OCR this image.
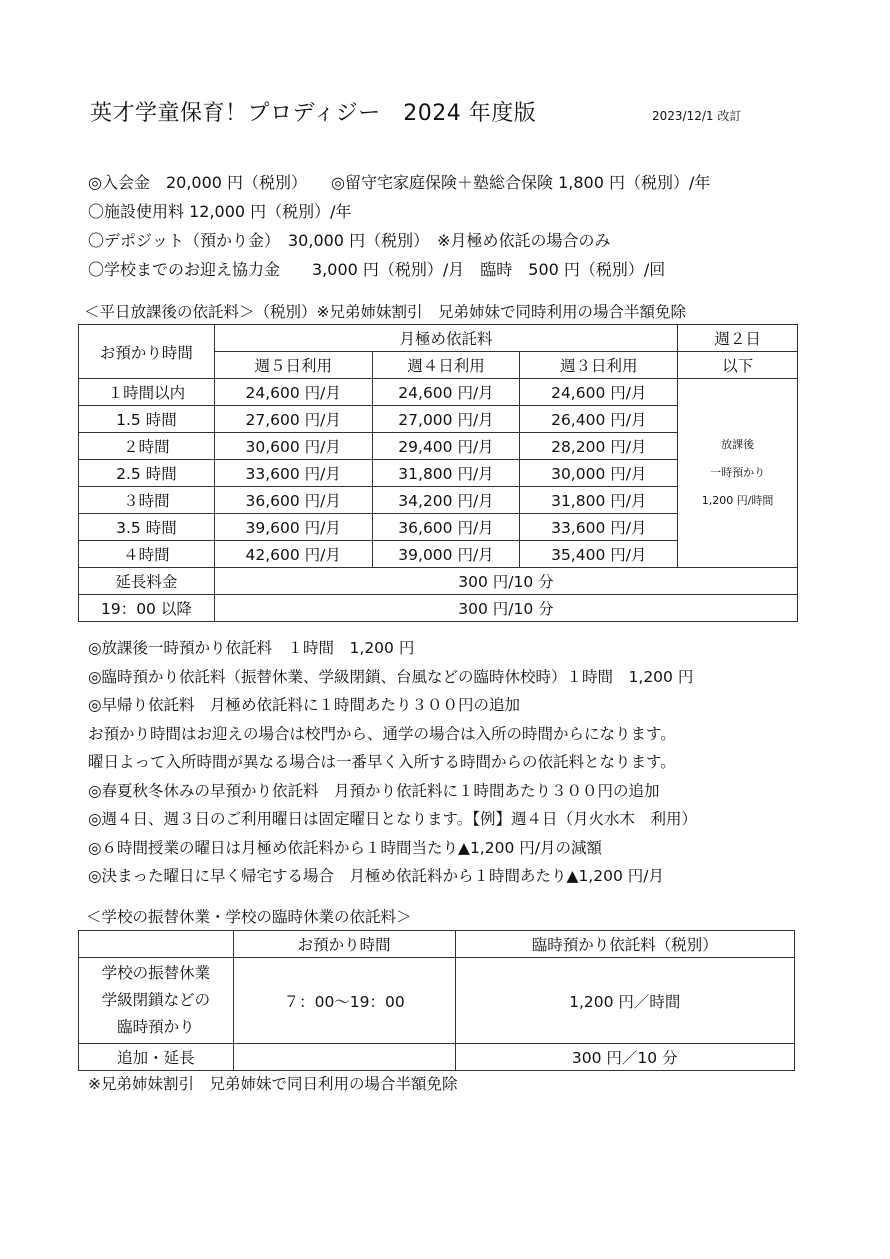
英才学童保育！プロディジー　2024 年度版	2023/12/1 改訂
◎入会金　20,000 円（税別）　　◎留守宅家庭保険＋塾総合保険 1,800 円（税別）/年
〇施設使用料 12,000 円（税別）/年
〇デポジット（預かり金）　30,000 円（税別）　※月極め依託の場合のみ
〇学校までのお迎え協力金　　3,000 円（税別）/月　臨時　500 円（税別）/回
＜平日放課後の依託料＞（税別）※兄弟姉妹割引　兄弟姉妹で同時利用の場合半額免除
お預かり時間	月極め依託料			週２日
	週５日利用	週４日利用	週３日利用	以下
１時間以内	24,600 円/月	24,600 円/月	24,600 円/月	放課後
一時預かり
1,200 円/時間

1.5 時間	27,600 円/月	27,000 円/月	26,400 円/月	
２時間	30,600 円/月	29,400 円/月	28,200 円/月	
2.5 時間	33,600 円/月	31,800 円/月	30,000 円/月	
３時間	36,600 円/月	34,200 円/月	31,800 円/月	
3.5 時間	39,600 円/月	36,600 円/月	33,600 円/月	
４時間	42,600 円/月	39,000 円/月	35,400 円/月	
延長料金	300 円/10 分			
19：00 以降	300 円/10 分			
◎放課後一時預かり依託料　１時間　1,200 円
◎臨時預かり依託料（振替休業、学級閉鎖、台風などの臨時休校時）１時間　1,200 円
◎早帰り依託料　月極め依託料に１時間あたり３００円の追加
お預かり時間はお迎えの場合は校門から、通学の場合は入所の時間からになります。
曜日よって入所時間が異なる場合は一番早く入所する時間からの依託料となります。
◎春夏秋冬休みの早預かり依託料　月預かり依託料に１時間あたり３００円の追加
◎週４日、週３日のご利用曜日は固定曜日となります。【例】週４日（月火水木　利用）
◎６時間授業の曜日は月極め依託料から１時間当たり▲1,200 円/月の減額
◎決まった曜日に早く帰宅する場合　月極め依託料から１時間あたり▲1,200 円/月
＜学校の振替休業・学校の臨時休業の依託料＞
	お預かり時間	臨時預かり依託料（税別）

学校の振替休業
学級閉鎖などの
臨時預かり	７：00〜19：00	1,200 円／時間
追加・延長		300 円／10 分
※兄弟姉妹割引　兄弟姉妹で同日利用の場合半額免除
